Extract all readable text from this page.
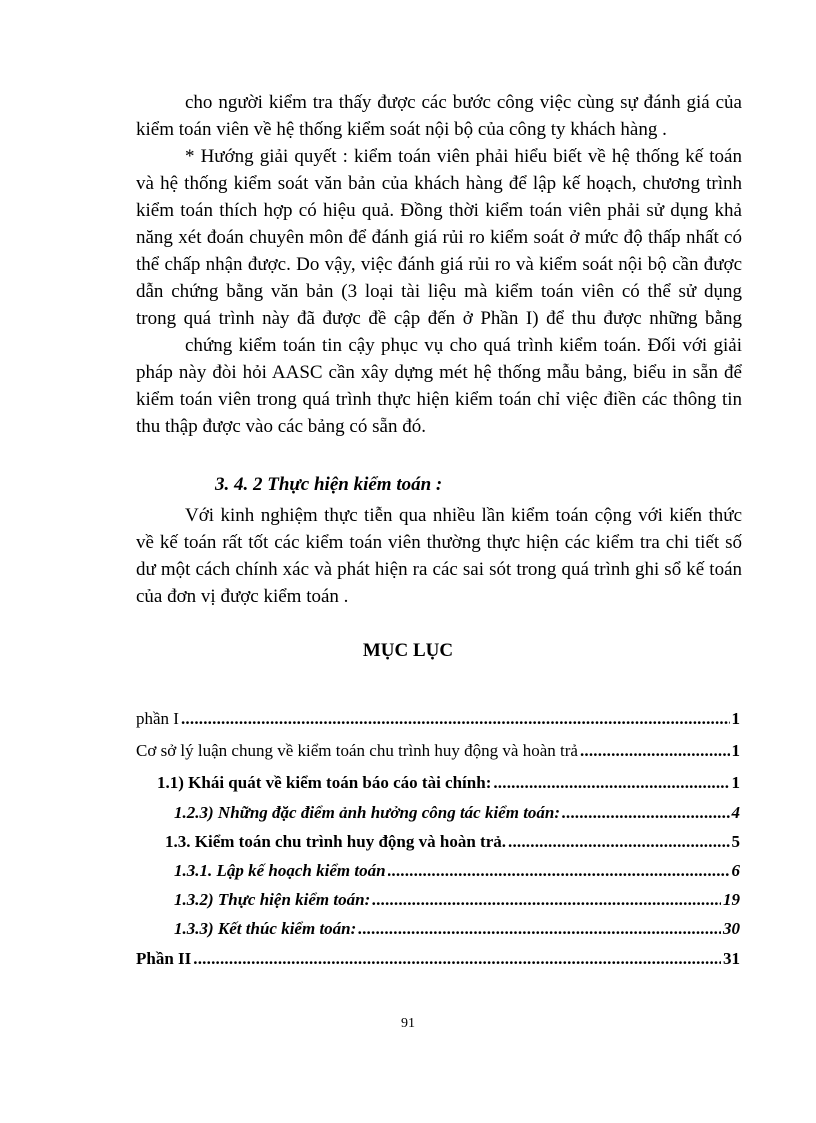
cho người kiểm tra thấy được các bước công việc cùng sự đánh giá của
kiểm toán viên về hệ thống kiểm soát nội bộ của công ty khách hàng .
* Hướng giải quyết : kiểm toán viên phải hiểu biết về hệ thống kế toán
và hệ thống kiểm soát văn bản của khách hàng để lập kế hoạch, chương trình
kiểm toán thích hợp có hiệu quả. Đồng thời kiểm toán viên phải sử dụng khả
năng xét đoán chuyên môn để đánh giá rủi ro kiểm soát ở mức độ thấp nhất có
thể chấp nhận được. Do vậy, việc đánh giá rủi ro và kiểm soát nội bộ cần được
dẫn chứng bằng văn bản (3 loại tài liệu mà kiểm toán viên có thể sử dụng
trong quá trình này đã được đề cập đến ở Phần I) để thu được những bằng
chứng kiểm toán tin cậy phục vụ cho quá trình kiểm toán. Đối với giải
pháp này đòi hỏi AASC cần xây dựng mét hệ thống mẫu bảng, biểu in sẵn để
kiểm toán viên trong quá trình thực hiện kiểm toán chỉ việc điền các thông tin
thu thập được vào các bảng có sẵn đó.
3. 4. 2 Thực hiện kiểm toán :
Với kinh nghiệm thực tiễn qua nhiều lần kiểm toán cộng với kiến thức
về kế toán rất tốt các kiểm toán viên thường thực hiện các kiểm tra chi tiết số
dư một cách chính xác và phát hiện ra các sai sót trong quá trình ghi sổ kế toán
của đơn vị được kiểm toán .
MỤC LỤC
phần I .....	1
Cơ sở lý luận chung về kiểm toán chu trình huy động và hoàn trả .....	1
1.1) Khái quát về kiểm toán báo cáo tài chính: .....	1
1.2.3) Những đặc điểm ảnh hưởng công tác kiểm toán: .....	4
1.3. Kiểm toán chu trình huy động và hoàn trả. .....	5
1.3.1. Lập kế hoạch kiểm toán .....	6
1.3.2) Thực hiện kiểm toán: .....	19
1.3.3) Kết thúc kiểm toán: .....	30
Phần II .....	31
91
